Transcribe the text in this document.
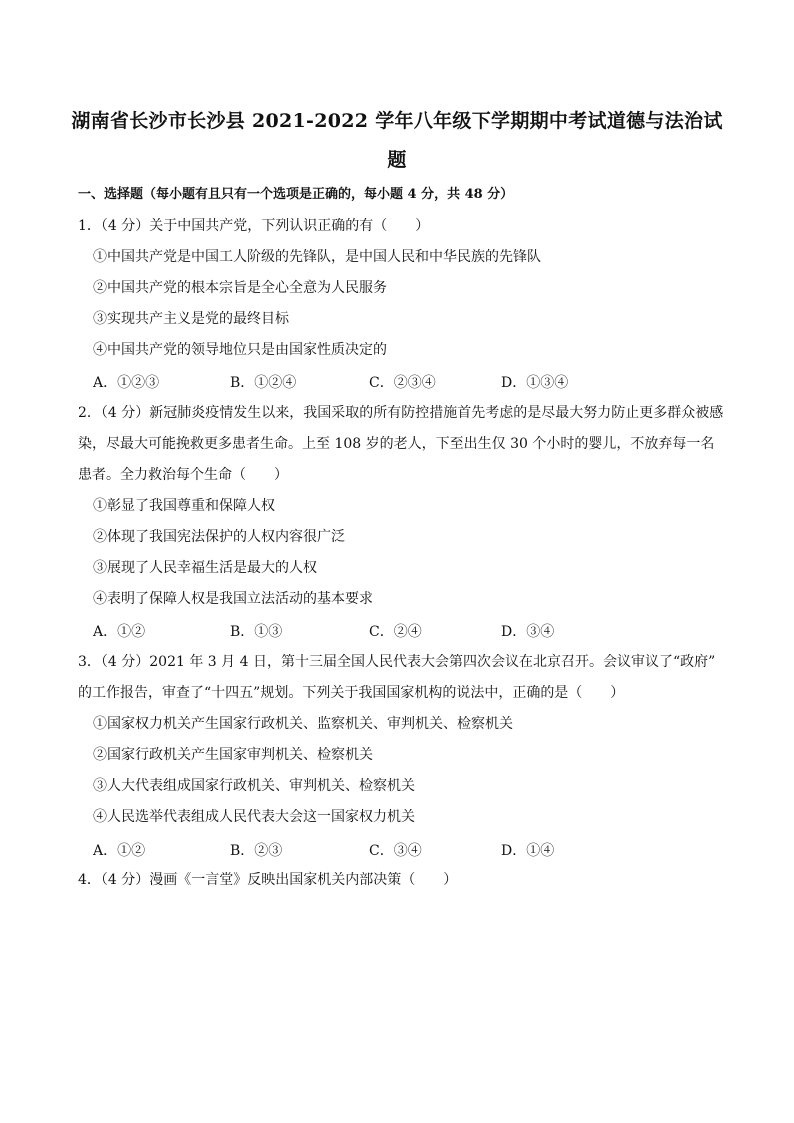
湖南省长沙市长沙县 2021-2022 学年八年级下学期期中考试道德与法治试
题
一、选择题（每小题有且只有一个选项是正确的，每小题 4 分，共 48 分）
1．（4 分）关于中国共产党，下列认识正确的有（　　）
①中国共产党是中国工人阶级的先锋队，是中国人民和中华民族的先锋队
②中国共产党的根本宗旨是全心全意为人民服务
③实现共产主义是党的最终目标
④中国共产党的领导地位只是由国家性质决定的
A．①②③	B．①②④	C．②③④	D．①③④
2．（4 分）新冠肺炎疫情发生以来，我国采取的所有防控措施首先考虑的是尽最大努力防止更多群众被感
染，尽最大可能挽救更多患者生命。上至 108 岁的老人，下至出生仅 30 个小时的婴儿，不放弃每一名
患者。全力救治每个生命（　　）
①彰显了我国尊重和保障人权
②体现了我国宪法保护的人权内容很广泛
③展现了人民幸福生活是最大的人权
④表明了保障人权是我国立法活动的基本要求
A．①②	B．①③	C．②④	D．③④
3．（4 分）2021 年 3 月 4 日，第十三届全国人民代表大会第四次会议在北京召开。会议审议了“政府”
的工作报告，审查了“十四五”规划。下列关于我国国家机构的说法中，正确的是（　　）
①国家权力机关产生国家行政机关、监察机关、审判机关、检察机关
②国家行政机关产生国家审判机关、检察机关
③人大代表组成国家行政机关、审判机关、检察机关
④人民选举代表组成人民代表大会这一国家权力机关
A．①②	B．②③	C．③④	D．①④
4．（4 分）漫画《一言堂》反映出国家机关内部决策（　　）
